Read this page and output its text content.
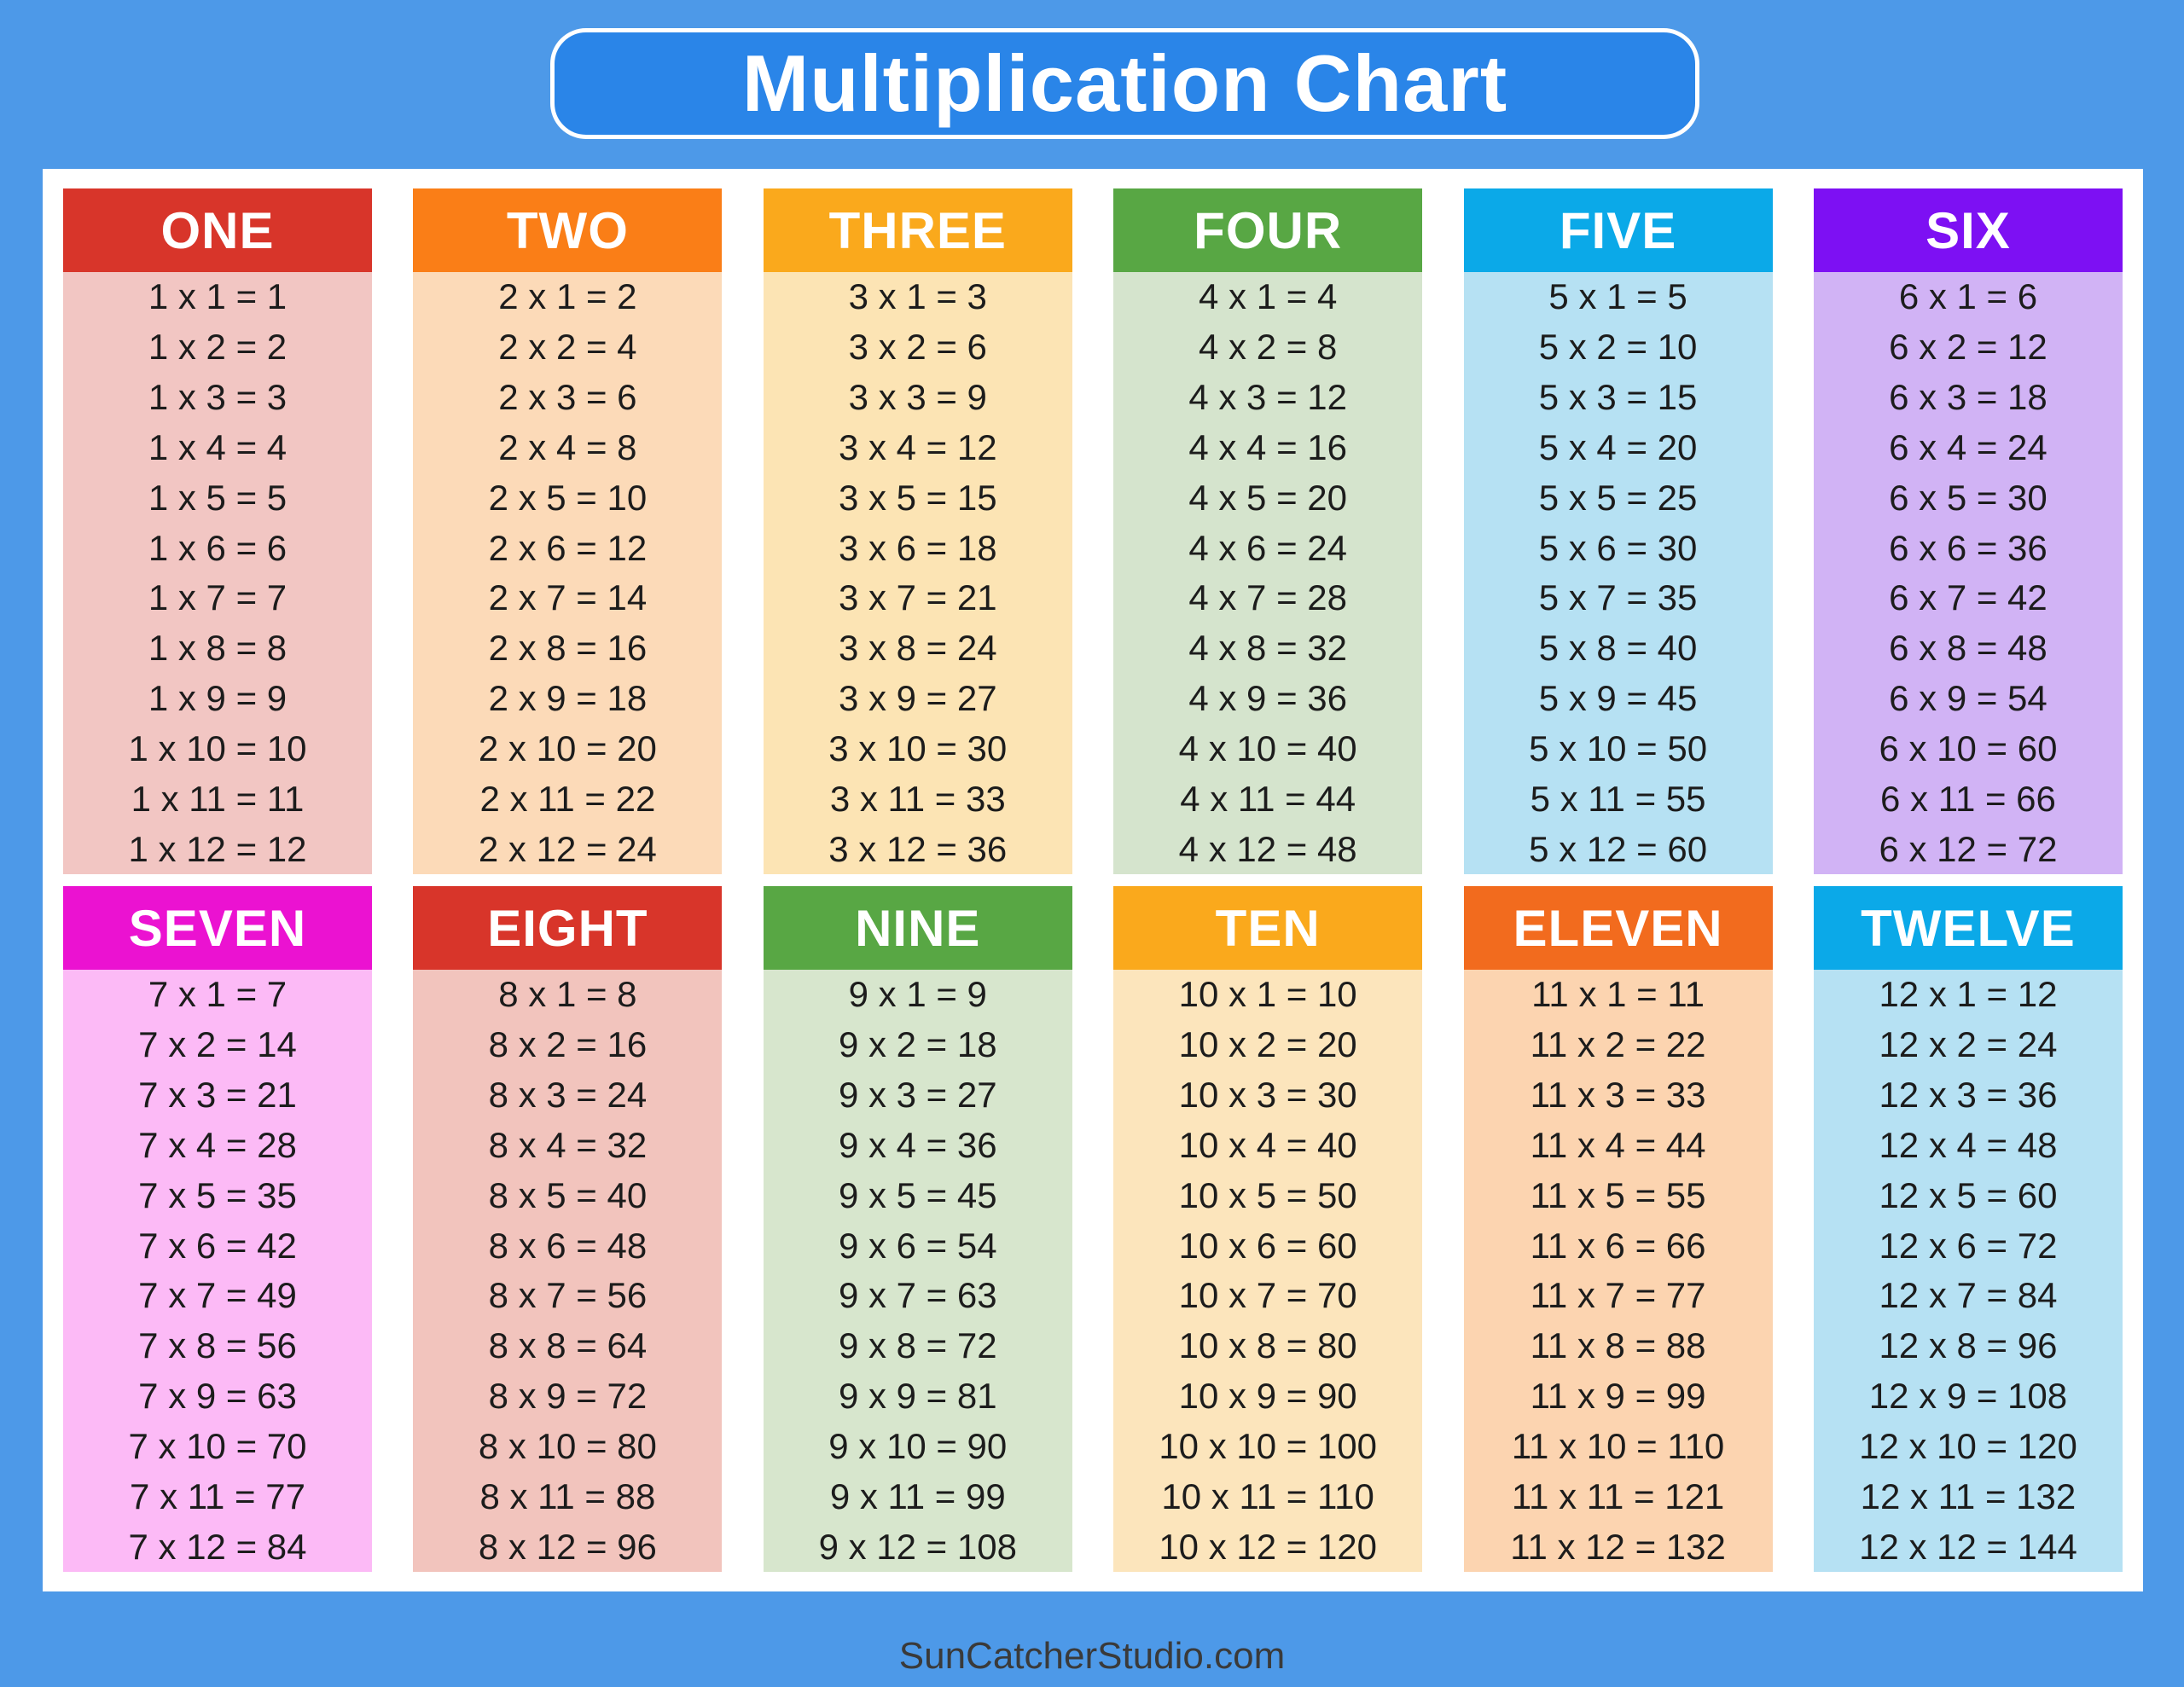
Multiplication Chart
ONE
1 x 1 = 1
1 x 2 = 2
1 x 3 = 3
1 x 4 = 4
1 x 5 = 5
1 x 6 = 6
1 x 7 = 7
1 x 8 = 8
1 x 9 = 9
1 x 10 = 10
1 x 11 = 11
1 x 12 = 12
TWO
2 x 1 = 2
2 x 2 = 4
2 x 3 = 6
2 x 4 = 8
2 x 5 = 10
2 x 6 = 12
2 x 7 = 14
2 x 8 = 16
2 x 9 = 18
2 x 10 = 20
2 x 11 = 22
2 x 12 = 24
THREE
3 x 1 = 3
3 x 2 = 6
3 x 3 = 9
3 x 4 = 12
3 x 5 = 15
3 x 6 = 18
3 x 7 = 21
3 x 8 = 24
3 x 9 = 27
3 x 10 = 30
3 x 11 = 33
3 x 12 = 36
FOUR
4 x 1 = 4
4 x 2 = 8
4 x 3 = 12
4 x 4 = 16
4 x 5 = 20
4 x 6 = 24
4 x 7 = 28
4 x 8 = 32
4 x 9 = 36
4 x 10 = 40
4 x 11 = 44
4 x 12 = 48
FIVE
5 x 1 = 5
5 x 2 = 10
5 x 3 = 15
5 x 4 = 20
5 x 5 = 25
5 x 6 = 30
5 x 7 = 35
5 x 8 = 40
5 x 9 = 45
5 x 10 = 50
5 x 11 = 55
5 x 12 = 60
SIX
6 x 1 = 6
6 x 2 = 12
6 x 3 = 18
6 x 4 = 24
6 x 5 = 30
6 x 6 = 36
6 x 7 = 42
6 x 8 = 48
6 x 9 = 54
6 x 10 = 60
6 x 11 = 66
6 x 12 = 72
SEVEN
7 x 1 = 7
7 x 2 = 14
7 x 3 = 21
7 x 4 = 28
7 x 5 = 35
7 x 6 = 42
7 x 7 = 49
7 x 8 = 56
7 x 9 = 63
7 x 10 = 70
7 x 11 = 77
7 x 12 = 84
EIGHT
8 x 1 = 8
8 x 2 = 16
8 x 3 = 24
8 x 4 = 32
8 x 5 = 40
8 x 6 = 48
8 x 7 = 56
8 x 8 = 64
8 x 9 = 72
8 x 10 = 80
8 x 11 = 88
8 x 12 = 96
NINE
9 x 1 = 9
9 x 2 = 18
9 x 3 = 27
9 x 4 = 36
9 x 5 = 45
9 x 6 = 54
9 x 7 = 63
9 x 8 = 72
9 x 9 = 81
9 x 10 = 90
9 x 11 = 99
9 x 12 = 108
TEN
10 x 1 = 10
10 x 2 = 20
10 x 3 = 30
10 x 4 = 40
10 x 5 = 50
10 x 6 = 60
10 x 7 = 70
10 x 8 = 80
10 x 9 = 90
10 x 10 = 100
10 x 11 = 110
10 x 12 = 120
ELEVEN
11 x 1 = 11
11 x 2 = 22
11 x 3 = 33
11 x 4 = 44
11 x 5 = 55
11 x 6 = 66
11 x 7 = 77
11 x 8 = 88
11 x 9 = 99
11 x 10 = 110
11 x 11 = 121
11 x 12 = 132
TWELVE
12 x 1 = 12
12 x 2 = 24
12 x 3 = 36
12 x 4 = 48
12 x 5 = 60
12 x 6 = 72
12 x 7 = 84
12 x 8 = 96
12 x 9 = 108
12 x 10 = 120
12 x 11 = 132
12 x 12 = 144
SunCatcherStudio.com
